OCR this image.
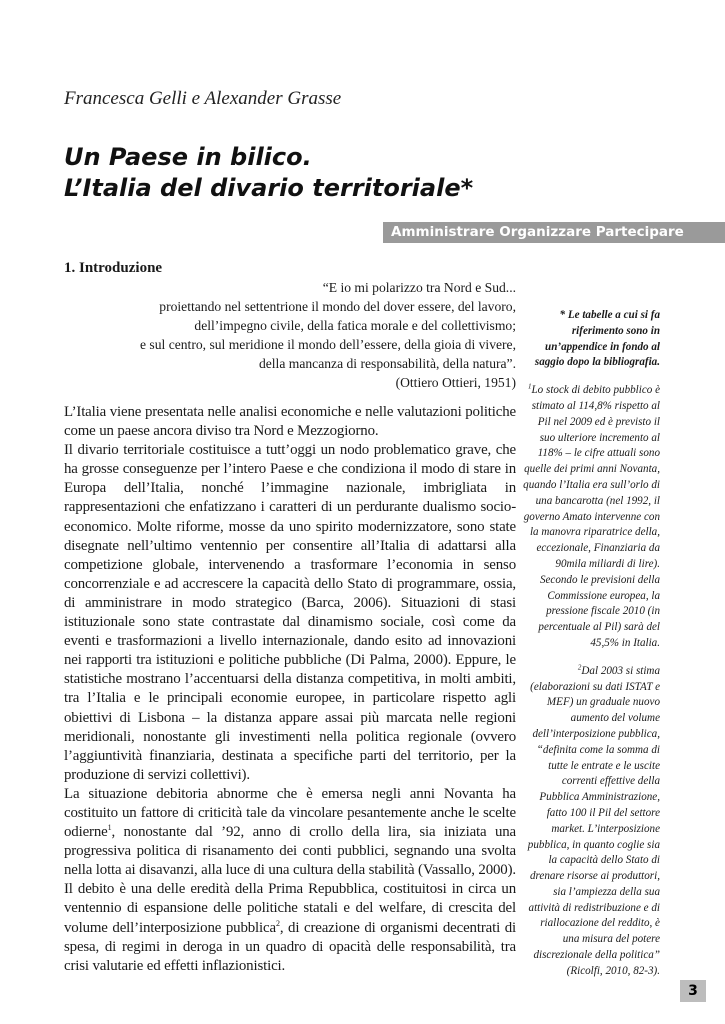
Francesca Gelli e Alexander Grasse
Un Paese in bilico.
L’Italia del divario territoriale*
Amministrare Organizzare Partecipare
1. Introduzione
“E io mi polarizzo tra Nord e Sud...
proiettando nel settentrione il mondo del dover essere, del lavoro,
dell’impegno civile, della fatica morale e del collettivismo;
e sul centro, sul meridione il mondo dell’essere, della gioia di vivere,
della mancanza di responsabilità, della natura”.
(Ottiero Ottieri, 1951)

L’Italia viene presentata nelle analisi economiche e nelle valutazioni politiche come un paese ancora diviso tra Nord e Mezzogiorno.

Il divario territoriale costituisce a tutt’oggi un nodo problematico grave, che ha grosse conseguenze per l’intero Paese e che condiziona il modo di stare in Europa dell’Italia, nonché l’immagine nazionale, imbrigliata in rappresentazioni che enfatizzano i caratteri di un perdurante dualismo socio-economico. Molte riforme, mosse da uno spirito modernizzatore, sono state disegnate nell’ultimo ventennio per consentire all’Italia di adattarsi alla competizione globale, intervenendo a trasformare l’economia in senso concorrenziale e ad accrescere la capacità dello Stato di programmare, ossia, di amministrare in modo strategico (Barca, 2006). Situazioni di stasi istituzionale sono state contrastate dal dinamismo sociale, così come da eventi e trasformazioni a livello internazionale, dando esito ad innovazioni nei rapporti tra istituzioni e politiche pubbliche (Di Palma, 2000). Eppure, le statistiche mostrano l’accentuarsi della distanza competitiva, in molti ambiti, tra l’Italia e le principali economie europee, in particolare rispetto agli obiettivi di Lisbona – la distanza appare assai più marcata nelle regioni meridionali, nonostante gli investimenti nella politica regionale (ovvero l’aggiuntività finanziaria, destinata a specifiche parti del territorio, per la produzione di servizi collettivi).

La situazione debitoria abnorme che è emersa negli anni Novanta ha costituito un fattore di criticità tale da vincolare pesantemente anche le scelte odierne$^1$, nonostante dal ’92, anno di crollo della lira, sia iniziata una progressiva politica di risanamento dei conti pubblici, segnando una svolta nella lotta ai disavanzi, alla luce di una cultura della stabilità (Vassallo, 2000). Il debito è una delle eredità della Prima Repubblica, costituitosi in circa un ventennio di espansione delle politiche statali e del welfare, di crescita del volume dell’interposizione pubblica$^2$, di creazione di organismi decentrati di spesa, di regimi in deroga in un quadro di opacità delle responsabilità, tra crisi valutarie ed effetti inflazionistici.

* Le tabelle a cui si fa riferimento sono in un’appendice in fondo al saggio dopo la bibliografia.

$^1$Lo stock di debito pubblico è stimato al 114,8% rispetto al Pil nel 2009 ed è previsto il suo ulteriore incremento al 118% – le cifre attuali sono quelle dei primi anni Novanta, quando l’Italia era sull’orlo di una bancarotta (nel 1992, il governo Amato intervenne con la manovra riparatrice della, eccezionale, Finanziaria da 90mila miliardi di lire). Secondo le previsioni della Commissione europea, la pressione fiscale 2010 (in percentuale al Pil) sarà del 45,5% in Italia.

$^2$Dal 2003 si stima (elaborazioni su dati ISTAT e MEF) un graduale nuovo aumento del volume dell’interposizione pubblica, “definita come la somma di tutte le entrate e le uscite correnti effettive della Pubblica Amministrazione, fatto 100 il Pil del settore market. L’interposizione pubblica, in quanto coglie sia la capacità dello Stato di drenare risorse ai produttori, sia l’ampiezza della sua attività di redistribuzione e di riallocazione del reddito, è una misura del potere discrezionale della politica” (Ricolfi, 2010, 82-3).

3
